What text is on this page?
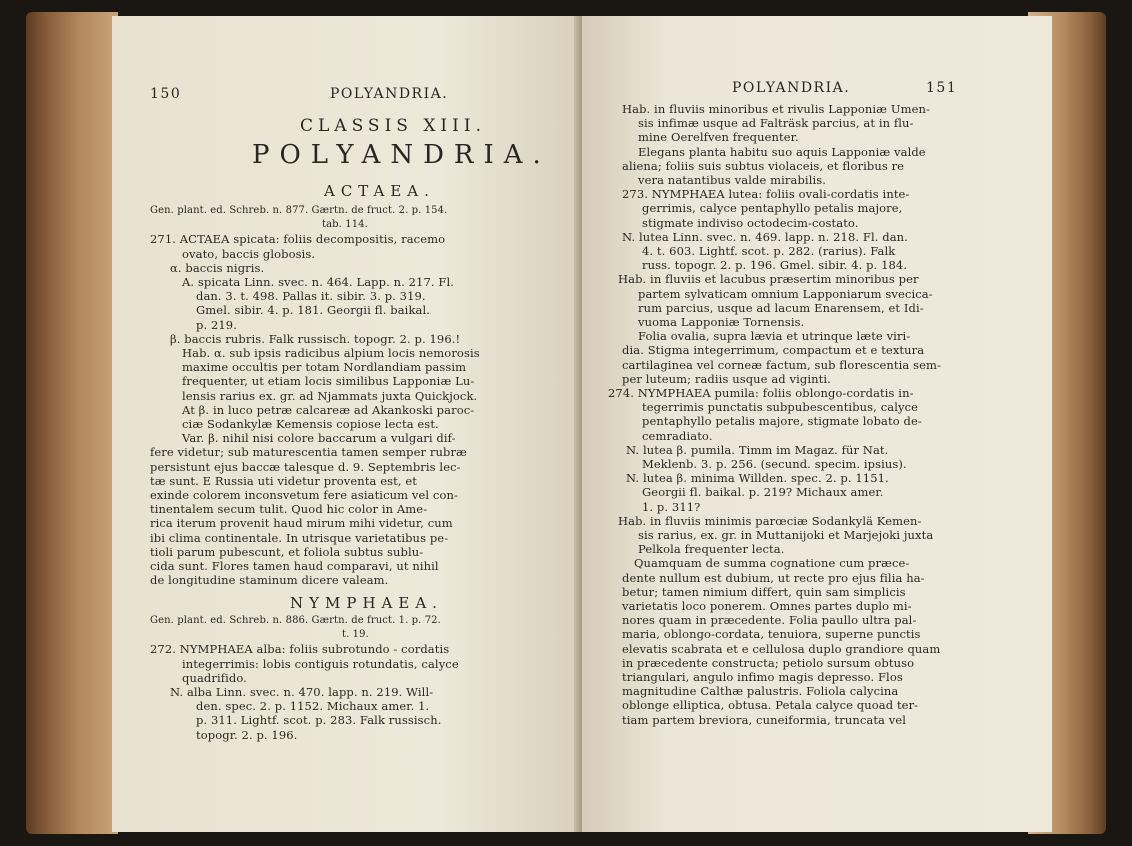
150	POLYANDRIA.
CLASSIS XIII.
POLYANDRIA.
ACTAEA.
Gen. plant. ed. Schreb. n. 877. Gærtn. de fruct. 2. p. 154.
tab. 114.
271. ACTAEA spicata: foliis decompositis, racemo
ovato, baccis globosis.
α. baccis nigris.
A. spicata Linn. svec. n. 464. Lapp. n. 217. Fl.
dan. 3. t. 498. Pallas it. sibir. 3. p. 319.
Gmel. sibir. 4. p. 181. Georgii fl. baikal.
p. 219.
β. baccis rubris. Falk russisch. topogr. 2. p. 196.!
Hab. α. sub ipsis radicibus alpium locis nemorosis
maxime occultis per totam Nordlandiam passim
frequenter, ut etiam locis similibus Lapponiæ Lu-
lensis rarius ex. gr. ad Njammats juxta Quickjock.
At β. in luco petræ calcareæ ad Akankoski paroc-
ciæ Sodankylæ Kemensis copiose lecta est.
Var. β. nihil nisi colore baccarum a vulgari dif-
fere videtur; sub maturescentia tamen semper rubræ
persistunt ejus baccæ talesque d. 9. Septembris lec-
tæ sunt. E Russia uti videtur proventa est, et
exinde colorem inconsvetum fere asiaticum vel con-
tinentalem secum tulit. Quod hic color in Ame-
rica iterum provenit haud mirum mihi videtur, cum
ibi clima continentale. In utrisque varietatibus pe-
tioli parum pubescunt, et foliola subtus sublu-
cida sunt. Flores tamen haud comparavi, ut nihil
de longitudine staminum dicere valeam.
NYMPHAEA.
Gen. plant. ed. Schreb. n. 886. Gærtn. de fruct. 1. p. 72.
t. 19.
272. NYMPHAEA alba: foliis subrotundo - cordatis
integerrimis: lobis contiguis rotundatis, calyce
quadrifido.
N. alba Linn. svec. n. 470. lapp. n. 219. Will-
den. spec. 2. p. 1152. Michaux amer. 1.
p. 311. Lightf. scot. p. 283. Falk russisch.
topogr. 2. p. 196.
POLYANDRIA.	151
Hab. in fluviis minoribus et rivulis Lapponiæ Umen-
sis infimæ usque ad Falträsk parcius, at in flu-
mine Oerelfven frequenter.
Elegans planta habitu suo aquis Lapponiæ valde
aliena; foliis suis subtus violaceis, et floribus re
vera natantibus valde mirabilis.
273. NYMPHAEA lutea: foliis ovali-cordatis inte-
gerrimis, calyce pentaphyllo petalis majore,
stigmate indiviso octodecim-costato.
N. lutea Linn. svec. n. 469. lapp. n. 218. Fl. dan.
4. t. 603. Lightf. scot. p. 282. (rarius). Falk
russ. topogr. 2. p. 196. Gmel. sibir. 4. p. 184.
Hab. in fluviis et lacubus præsertim minoribus per
partem sylvaticam omnium Lapponiarum svecica-
rum parcius, usque ad lacum Enarensem, et Idi-
vuoma Lapponiæ Tornensis.
Folia ovalia, supra lævia et utrinque læte viri-
dia. Stigma integerrimum, compactum et e textura
cartilaginea vel corneæ factum, sub florescentia sem-
per luteum; radiis usque ad viginti.
274. NYMPHAEA pumila: foliis oblongo-cordatis in-
tegerrimis punctatis subpubescentibus, calyce
pentaphyllo petalis majore, stigmate lobato de-
cemradiato.
N. lutea β. pumila. Timm im Magaz. für Nat.
Meklenb. 3. p. 256. (secund. specim. ipsius).
N. lutea β. minima Willden. spec. 2. p. 1151.
Georgii fl. baikal. p. 219? Michaux amer.
1. p. 311?
Hab. in fluviis minimis parœciæ Sodankylä Kemen-
sis rarius, ex. gr. in Muttanijoki et Marjejoki juxta
Pelkola frequenter lecta.
Quamquam de summa cognatione cum præce-
dente nullum est dubium, ut recte pro ejus filia ha-
betur; tamen nimium differt, quin sam simplicis
varietatis loco ponerem. Omnes partes duplo mi-
nores quam in præcedente. Folia paullo ultra pal-
maria, oblongo-cordata, tenuiora, superne punctis
elevatis scabrata et e cellulosa duplo grandiore quam
in præcedente constructa; petiolo sursum obtuso
triangulari, angulo infimo magis depresso. Flos
magnitudine Calthæ palustris. Foliola calycina
oblonge elliptica, obtusa. Petala calyce quoad ter-
tiam partem breviora, cuneiformia, truncata vel
